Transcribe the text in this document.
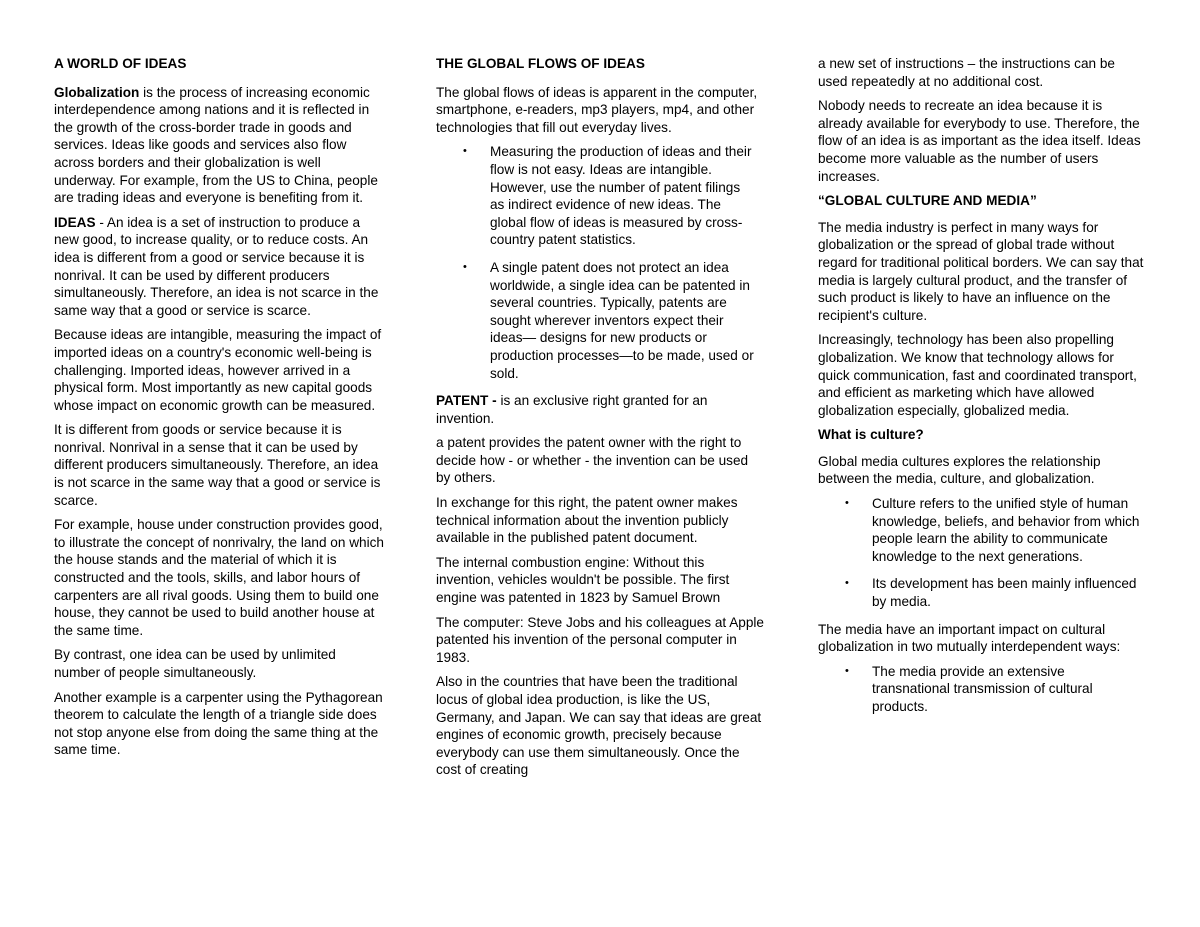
A WORLD OF IDEAS

Globalization is the process of increasing economic interdependence among nations and it is reflected in the growth of the cross-border trade in goods and services. Ideas like goods and services also flow across borders and their globalization is well underway. For example, from the US to China, people are trading ideas and everyone is benefiting from it.

IDEAS - An idea is a set of instruction to produce a new good, to increase quality, or to reduce costs. An idea is different from a good or service because it is nonrival. It can be used by different producers simultaneously. Therefore, an idea is not scarce in the same way that a good or service is scarce.

Because ideas are intangible, measuring the impact of imported ideas on a country's economic well-being is challenging. Imported ideas, however arrived in a physical form. Most importantly as new capital goods whose impact on economic growth can be measured.

It is different from goods or service because it is nonrival. Nonrival in a sense that it can be used by different producers simultaneously. Therefore, an idea is not scarce in the same way that a good or service is scarce.

For example, house under construction provides good, to illustrate the concept of nonrivalry, the land on which the house stands and the material of which it is constructed and the tools, skills, and labor hours of carpenters are all rival goods. Using them to build one house, they cannot be used to build another house at the same time.

By contrast, one idea can be used by unlimited number of people simultaneously.

Another example is a carpenter using the Pythagorean theorem to calculate the length of a triangle side does not stop anyone else from doing the same thing at the same time.

THE GLOBAL FLOWS OF IDEAS

The global flows of ideas is apparent in the computer, smartphone, e-readers, mp3 players, mp4, and other technologies that fill out everyday lives.

• Measuring the production of ideas and their flow is not easy. Ideas are intangible. However, use the number of patent filings as indirect evidence of new ideas. The global flow of ideas is measured by cross-country patent statistics.
• A single patent does not protect an idea worldwide, a single idea can be patented in several countries. Typically, patents are sought wherever inventors expect their ideas— designs for new products or production processes—to be made, used or sold.

PATENT - is an exclusive right granted for an invention.

a patent provides the patent owner with the right to decide how - or whether - the invention can be used by others.

In exchange for this right, the patent owner makes technical information about the invention publicly available in the published patent document.

The internal combustion engine: Without this invention, vehicles wouldn't be possible. The first engine was patented in 1823 by Samuel Brown

The computer: Steve Jobs and his colleagues at Apple patented his invention of the personal computer in 1983.

Also in the countries that have been the traditional locus of global idea production, is like the US, Germany, and Japan. We can say that ideas are great engines of economic growth, precisely because everybody can use them simultaneously. Once the cost of creating

a new set of instructions – the instructions can be used repeatedly at no additional cost.

Nobody needs to recreate an idea because it is already available for everybody to use. Therefore, the flow of an idea is as important as the idea itself. Ideas become more valuable as the number of users increases.

“GLOBAL CULTURE AND MEDIA”

The media industry is perfect in many ways for globalization or the spread of global trade without regard for traditional political borders. We can say that media is largely cultural product, and the transfer of such product is likely to have an influence on the recipient's culture.

Increasingly, technology has been also propelling globalization. We know that technology allows for quick communication, fast and coordinated transport, and efficient as marketing which have allowed globalization especially, globalized media.

What is culture?

Global media cultures explores the relationship between the media, culture, and globalization.

• Culture refers to the unified style of human knowledge, beliefs, and behavior from which people learn the ability to communicate knowledge to the next generations.
• Its development has been mainly influenced by media.

The media have an important impact on cultural globalization in two mutually interdependent ways:

• The media provide an extensive transnational transmission of cultural products.
